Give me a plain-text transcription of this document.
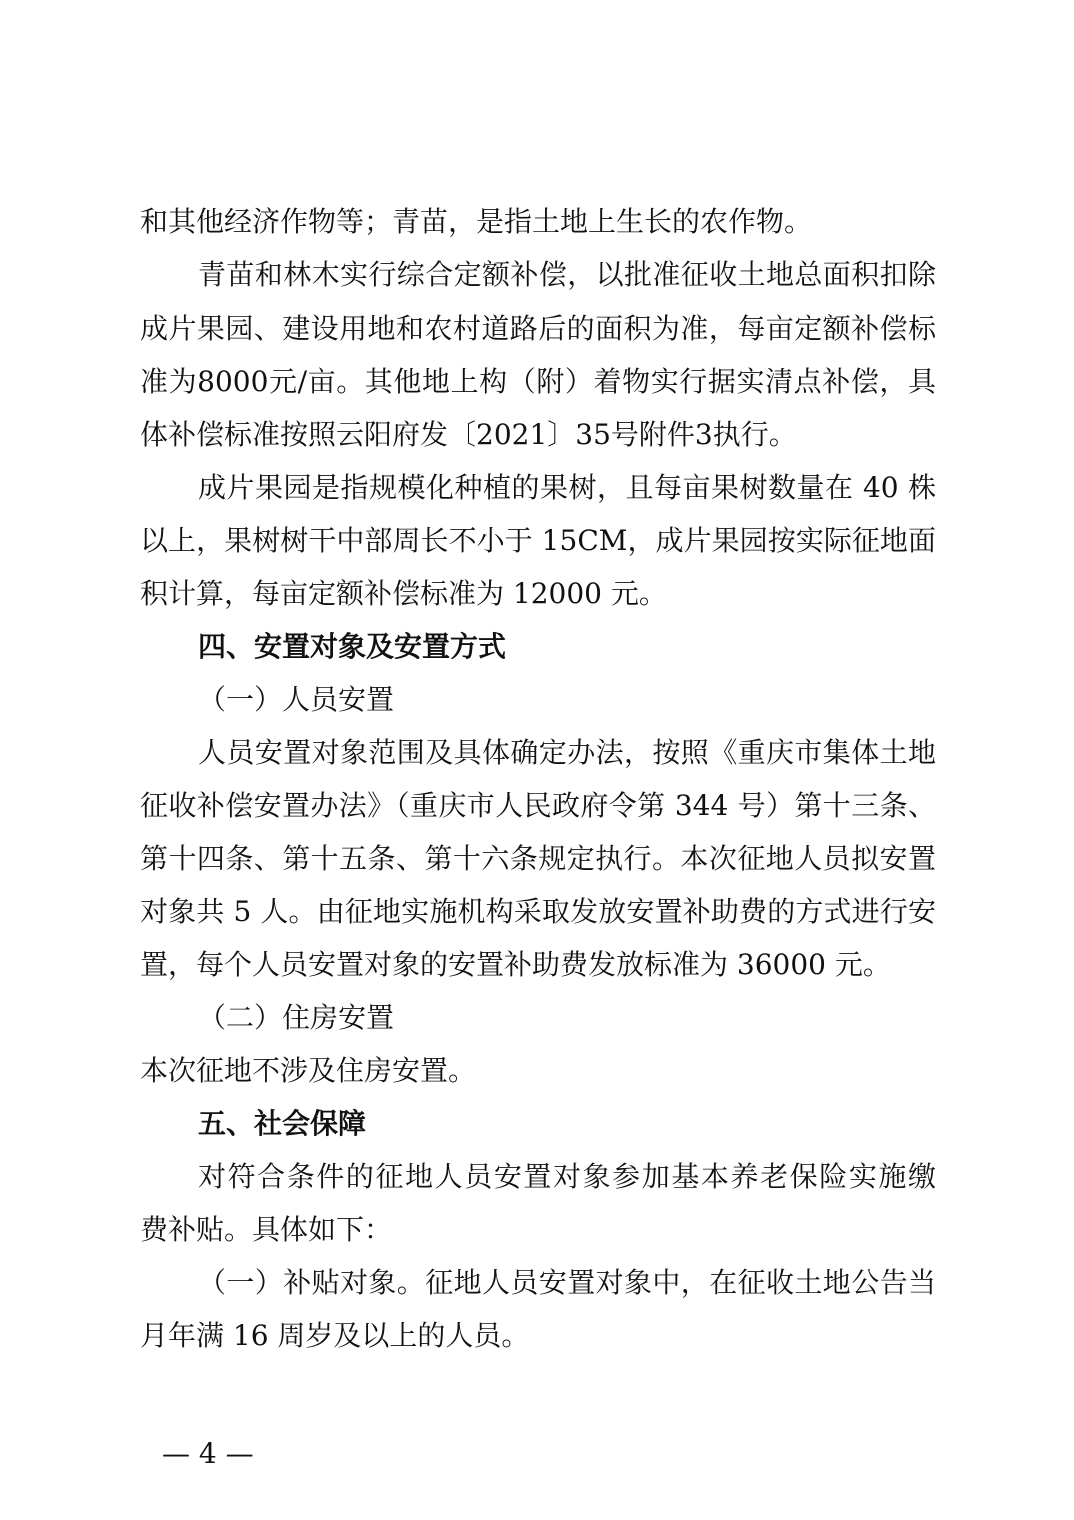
和其他经济作物等；青苗，是指土地上生长的农作物。
青苗和林木实行综合定额补偿，以批准征收土地总面积扣除
成片果园、建设用地和农村道路后的面积为准，每亩定额补偿标
准为8000元/亩。其他地上构（附）着物实行据实清点补偿，具
体补偿标准按照云阳府发〔2021〕35号附件3执行。
成片果园是指规模化种植的果树，且每亩果树数量在 40 株
以上，果树树干中部周长不小于 15CM，成片果园按实际征地面
积计算，每亩定额补偿标准为 12000 元。
四、安置对象及安置方式
（一）人员安置
人员安置对象范围及具体确定办法，按照《重庆市集体土地
征收补偿安置办法》（重庆市人民政府令第 344 号）第十三条、
第十四条、第十五条、第十六条规定执行。本次征地人员拟安置
对象共 5 人。由征地实施机构采取发放安置补助费的方式进行安
置，每个人员安置对象的安置补助费发放标准为 36000 元。
（二）住房安置
本次征地不涉及住房安置。
五、社会保障
对符合条件的征地人员安置对象参加基本养老保险实施缴
费补贴。具体如下：
（一）补贴对象。征地人员安置对象中，在征收土地公告当
月年满 16 周岁及以上的人员。
— 4 —
